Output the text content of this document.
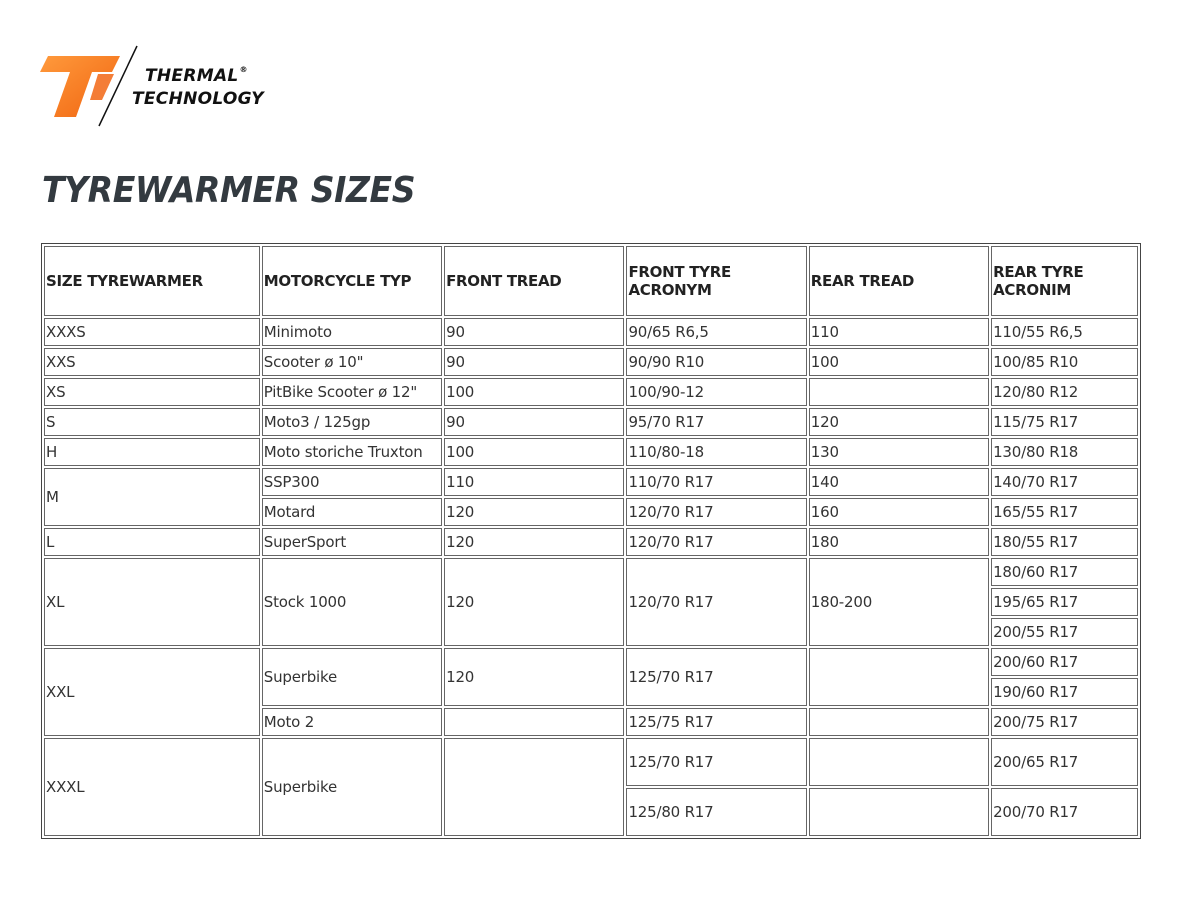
THERMAL®
TECHNOLOGY
TYREWARMER SIZES
SIZE TYREWARMER	MOTORCYCLE TYP	FRONT TREAD	FRONT TYRE ACRONYM	REAR TREAD	REAR TYRE ACRONIM
XXXS	Minimoto	90	90/65 R6,5	110	110/55 R6,5
XXS	Scooter ø 10"	90	90/90 R10	100	100/85 R10
XS	PitBike Scooter ø 12"	100	100/90-12		120/80 R12
S	Moto3 / 125gp	90	95/70 R17	120	115/75 R17
H	Moto storiche Truxton	100	110/80-18	130	130/80 R18
M	SSP300	110	110/70 R17	140	140/70 R17
	Motard	120	120/70 R17	160	165/55 R17
L	SuperSport	120	120/70 R17	180	180/55 R17
XL	Stock 1000	120	120/70 R17	180-200	180/60 R17
					195/65 R17
					200/55 R17
XXL	Superbike	120	125/70 R17		200/60 R17
					190/60 R17
	Moto 2		125/75 R17		200/75 R17
XXXL	Superbike		125/70 R17		200/65 R17
			125/80 R17		200/70 R17
